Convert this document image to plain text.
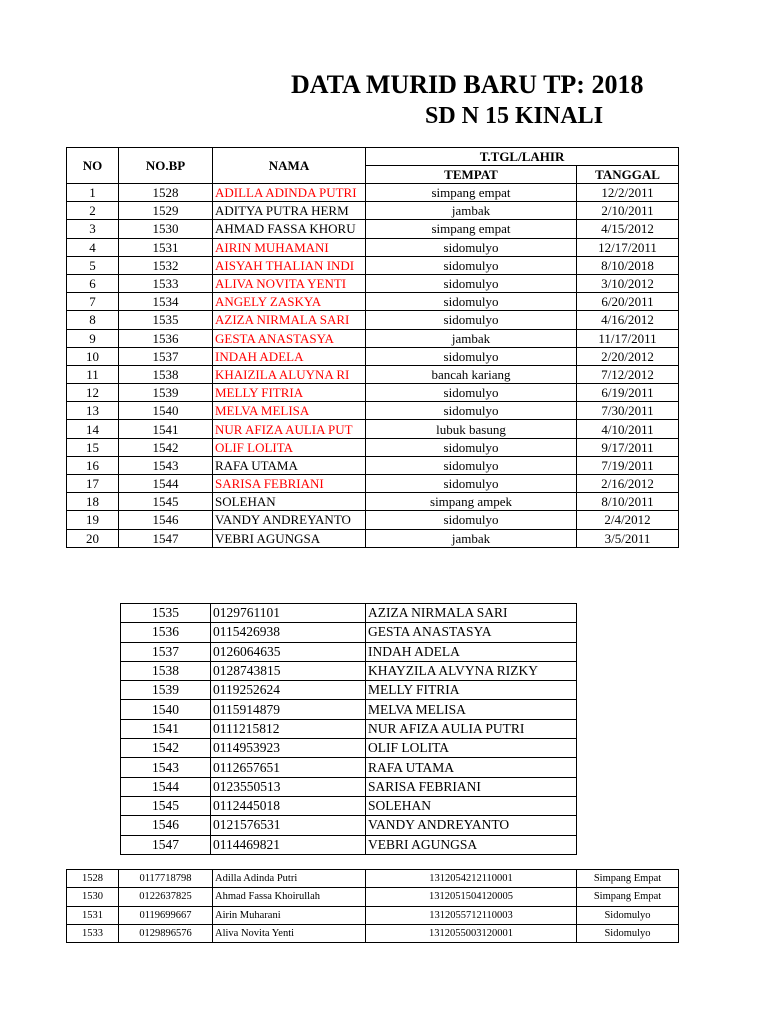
DATA MURID BARU TP: 2018
SD N 15 KINALI
NO	NO.BP	NAMA	T.TGL/LAHIR	
			TEMPAT	TANGGAL
1	1528	ADILLA ADINDA PUTRI	simpang empat	12/2/2011
2	1529	ADITYA PUTRA HERM	jambak	2/10/2011
3	1530	AHMAD FASSA KHORU	simpang empat	4/15/2012
4	1531	AIRIN MUHAMANI	sidomulyo	12/17/2011
5	1532	AISYAH THALIAN INDI	sidomulyo	8/10/2018
6	1533	ALIVA NOVITA YENTI	sidomulyo	3/10/2012
7	1534	ANGELY ZASKYA	sidomulyo	6/20/2011
8	1535	AZIZA NIRMALA SARI	sidomulyo	4/16/2012
9	1536	GESTA ANASTASYA	jambak	11/17/2011
10	1537	INDAH ADELA	sidomulyo	2/20/2012
11	1538	KHAIZILA ALUYNA RI	bancah kariang	7/12/2012
12	1539	MELLY FITRIA	sidomulyo	6/19/2011
13	1540	MELVA MELISA	sidomulyo	7/30/2011
14	1541	NUR AFIZA AULIA PUT	lubuk basung	4/10/2011
15	1542	OLIF LOLITA	sidomulyo	9/17/2011
16	1543	RAFA UTAMA	sidomulyo	7/19/2011
17	1544	SARISA FEBRIANI	sidomulyo	2/16/2012
18	1545	SOLEHAN	simpang ampek	8/10/2011
19	1546	VANDY ANDREYANTO	sidomulyo	2/4/2012
20	1547	VEBRI AGUNGSA	jambak	3/5/2011
1535	0129761101	AZIZA NIRMALA SARI
1536	0115426938	GESTA ANASTASYA
1537	0126064635	INDAH ADELA
1538	0128743815	KHAYZILA ALVYNA RIZKY
1539	0119252624	MELLY FITRIA
1540	0115914879	MELVA MELISA
1541	0111215812	NUR AFIZA AULIA PUTRI
1542	0114953923	OLIF LOLITA
1543	0112657651	RAFA UTAMA
1544	0123550513	SARISA FEBRIANI
1545	0112445018	SOLEHAN
1546	0121576531	VANDY ANDREYANTO
1547	0114469821	VEBRI AGUNGSA
1528	0117718798	Adilla Adinda Putri	1312054212110001	Simpang Empat
1530	0122637825	Ahmad Fassa Khoirullah	1312051504120005	Simpang Empat
1531	0119699667	Airin Muharani	1312055712110003	Sidomulyo
1533	0129896576	Aliva Novita Yenti	1312055003120001	Sidomulyo
